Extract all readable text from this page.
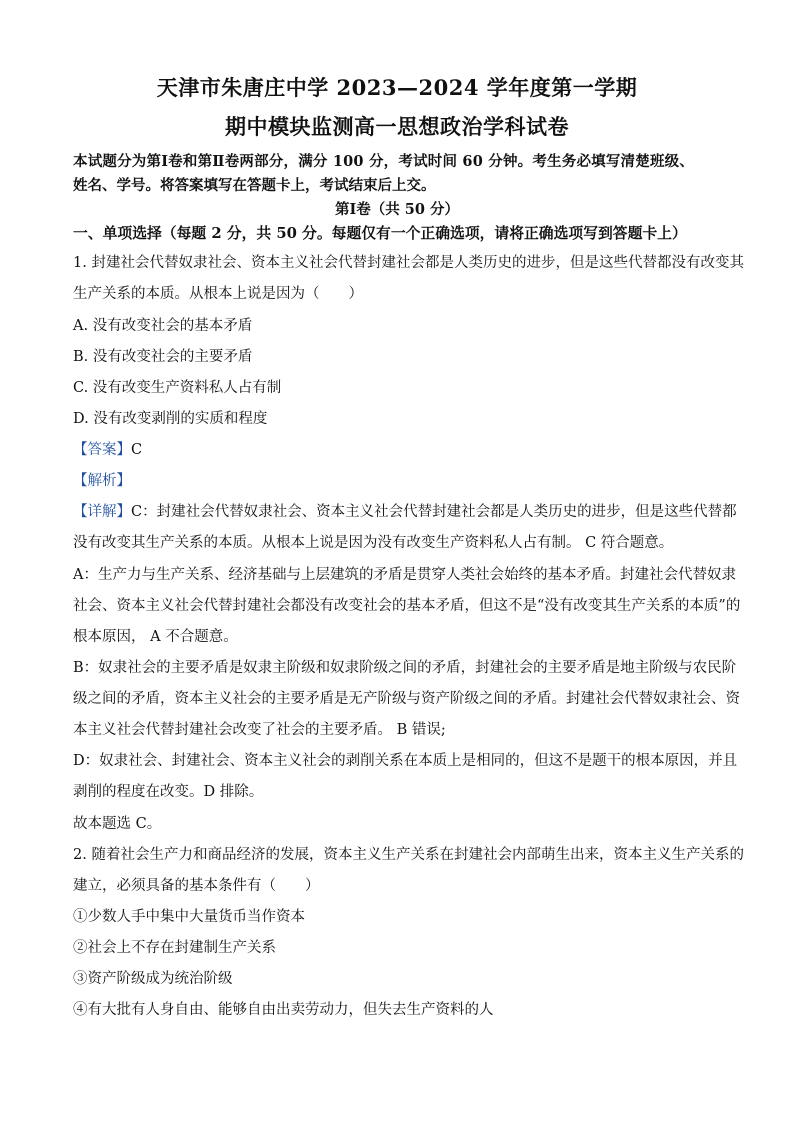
天津市朱唐庄中学 2023—2024 学年度第一学期
期中模块监测高一思想政治学科试卷
本试题分为第Ⅰ卷和第Ⅱ卷两部分，满分 100 分，考试时间 60 分钟。考生务必填写清楚班级、
姓名、学号。将答案填写在答题卡上，考试结束后上交。
第Ⅰ卷（共 50 分）
一、单项选择（每题 2 分，共 50 分。每题仅有一个正确选项，请将正确选项写到答题卡上）
1. 封建社会代替奴隶社会、资本主义社会代替封建社会都是人类历史的进步，但是这些代替都没有改变其
生产关系的本质。从根本上说是因为（　　）
A. 没有改变社会的基本矛盾
B. 没有改变社会的主要矛盾
C. 没有改变生产资料私人占有制
D. 没有改变剥削的实质和程度
【答案】C
【解析】
【详解】C：封建社会代替奴隶社会、资本主义社会代替封建社会都是人类历史的进步，但是这些代替都
没有改变其生产关系的本质。从根本上说是因为没有改变生产资料私人占有制。 C 符合题意。
A：生产力与生产关系、经济基础与上层建筑的矛盾是贯穿人类社会始终的基本矛盾。封建社会代替奴隶
社会、资本主义社会代替封建社会都没有改变社会的基本矛盾，但这不是“没有改变其生产关系的本质”的
根本原因， A 不合题意。
B：奴隶社会的主要矛盾是奴隶主阶级和奴隶阶级之间的矛盾，封建社会的主要矛盾是地主阶级与农民阶
级之间的矛盾，资本主义社会的主要矛盾是无产阶级与资产阶级之间的矛盾。封建社会代替奴隶社会、资
本主义社会代替封建社会改变了社会的主要矛盾。 B 错误;
D：奴隶社会、封建社会、资本主义社会的剥削关系在本质上是相同的，但这不是题干的根本原因，并且
剥削的程度在改变。D 排除。
故本题选 C。
2. 随着社会生产力和商品经济的发展，资本主义生产关系在封建社会内部萌生出来，资本主义生产关系的
建立，必须具备的基本条件有（　　）
①少数人手中集中大量货币当作资本
②社会上不存在封建制生产关系
③资产阶级成为统治阶级
④有大批有人身自由、能够自由出卖劳动力，但失去生产资料的人
